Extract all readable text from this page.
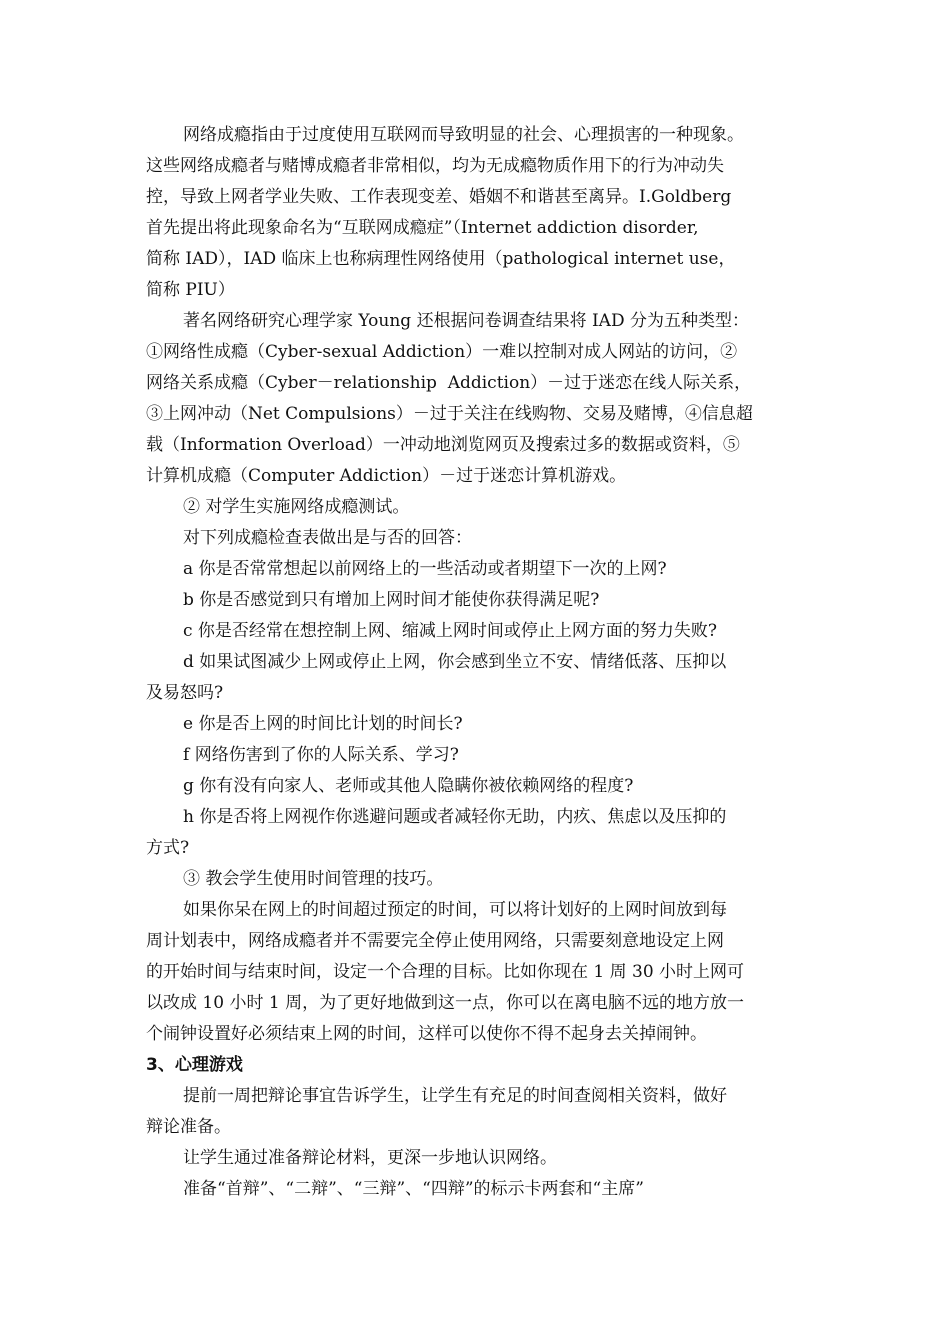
网络成瘾指由于过度使用互联网而导致明显的社会、心理损害的一种现象。
这些网络成瘾者与赌博成瘾者非常相似，均为无成瘾物质作用下的行为冲动失
控，导致上网者学业失败、工作表现变差、婚姻不和谐甚至离异。I.Goldberg
首先提出将此现象命名为“互联网成瘾症”（Internet addiction disorder,
简称 IAD），IAD 临床上也称病理性网络使用（pathological internet use，
简称 PIU）
著名网络研究心理学家 Young 还根据问卷调查结果将 IAD 分为五种类型：
①网络性成瘾（Cyber-sexual Addiction）一难以控制对成人网站的访问，②
网络关系成瘾（Cyber－relationship  Addiction）－过于迷恋在线人际关系，
③上网冲动（Net Compulsions）－过于关注在线购物、交易及赌博，④信息超
载（Information Overload）一冲动地浏览网页及搜索过多的数据或资料，⑤
计算机成瘾（Computer Addiction）－过于迷恋计算机游戏。
② 对学生实施网络成瘾测试。
对下列成瘾检查表做出是与否的回答：
a 你是否常常想起以前网络上的一些活动或者期望下一次的上网?
b 你是否感觉到只有增加上网时间才能使你获得满足呢?
c 你是否经常在想控制上网、缩减上网时间或停止上网方面的努力失败?
d 如果试图减少上网或停止上网，你会感到坐立不安、情绪低落、压抑以
及易怒吗?
e 你是否上网的时间比计划的时间长?
f 网络伤害到了你的人际关系、学习?
g 你有没有向家人、老师或其他人隐瞒你被依赖网络的程度?
h 你是否将上网视作你逃避问题或者减轻你无助，内疚、焦虑以及压抑的
方式?
③ 教会学生使用时间管理的技巧。
如果你呆在网上的时间超过预定的时间，可以将计划好的上网时间放到每
周计划表中，网络成瘾者并不需要完全停止使用网络，只需要刻意地设定上网
的开始时间与结束时间，设定一个合理的目标。比如你现在 1 周 30 小时上网可
以改成 10 小时 1 周，为了更好地做到这一点，你可以在离电脑不远的地方放一
个闹钟设置好必须结束上网的时间，这样可以使你不得不起身去关掉闹钟。
3、心理游戏
提前一周把辩论事宜告诉学生，让学生有充足的时间查阅相关资料，做好
辩论准备。
让学生通过准备辩论材料，更深一步地认识网络。
准备“首辩”、“二辩”、“三辩”、“四辩”的标示卡两套和“主席”
